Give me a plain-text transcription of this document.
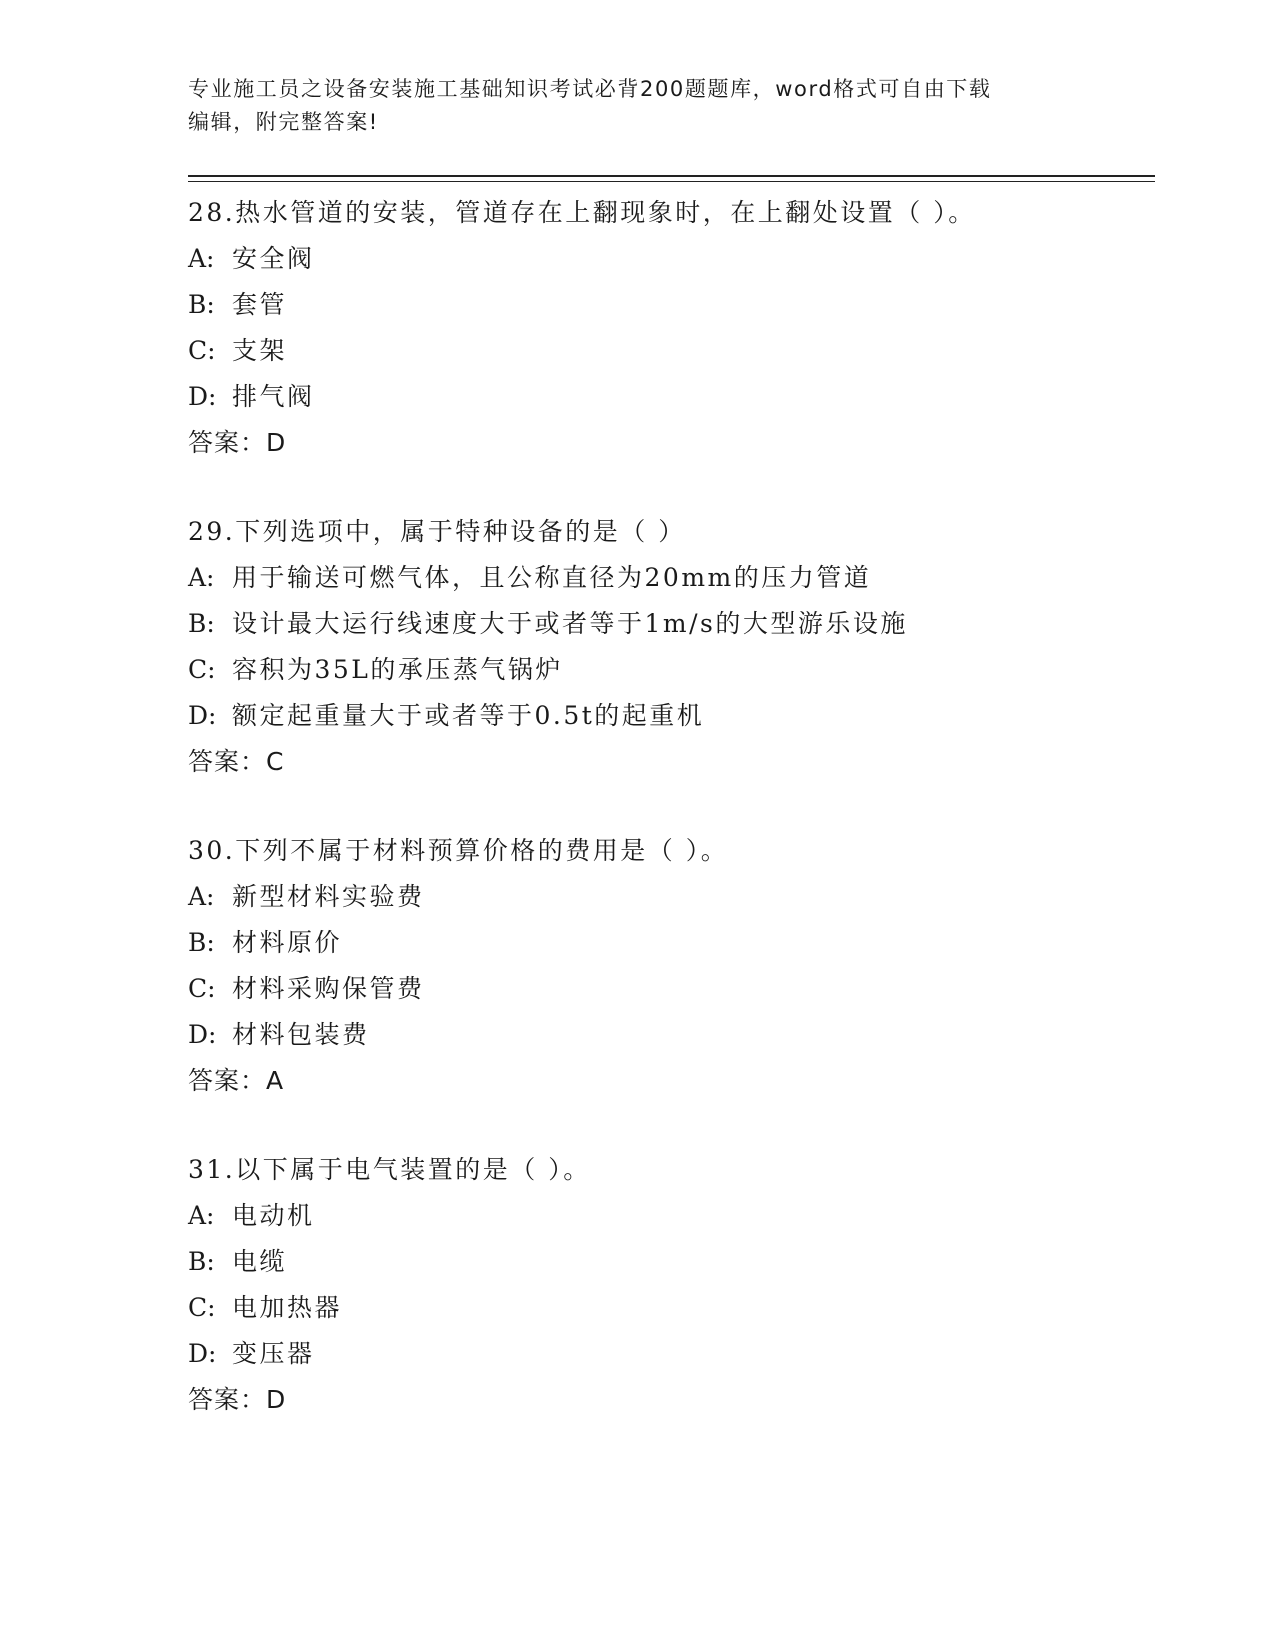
专业施工员之设备安装施工基础知识考试必背200题题库，word格式可自由下载
编辑，附完整答案!
28.热水管道的安装，管道存在上翻现象时，在上翻处设置（ ）。
A: 安全阀
B: 套管
C: 支架
D: 排气阀
答案：D
29.下列选项中，属于特种设备的是（ ）
A: 用于输送可燃气体，且公称直径为20mm的压力管道
B: 设计最大运行线速度大于或者等于1m/s的大型游乐设施
C: 容积为35L的承压蒸气锅炉
D: 额定起重量大于或者等于0.5t的起重机
答案：C
30.下列不属于材料预算价格的费用是（ ）。
A: 新型材料实验费
B: 材料原价
C: 材料采购保管费
D: 材料包装费
答案：A
31.以下属于电气装置的是（ ）。
A: 电动机
B: 电缆
C: 电加热器
D: 变压器
答案：D
